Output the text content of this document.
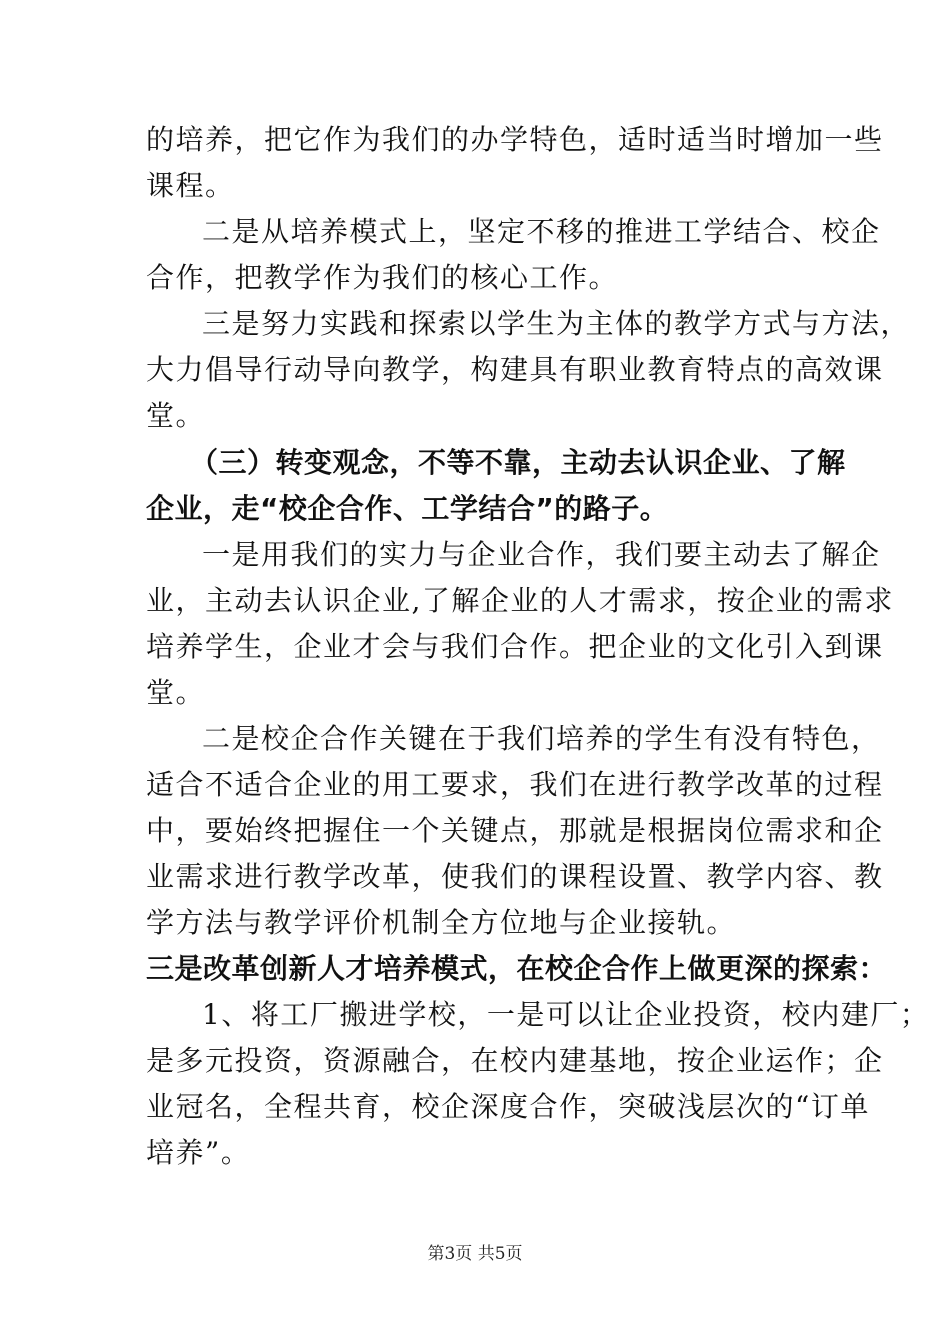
的培养，把它作为我们的办学特色，适时适当时增加一些
课程。
二是从培养模式上，坚定不移的推进工学结合、校企
合作，把教学作为我们的核心工作。
三是努力实践和探索以学生为主体的教学方式与方法，
大力倡导行动导向教学，构建具有职业教育特点的高效课
堂。
（三）转变观念，不等不靠，主动去认识企业、了解
企业，走“校企合作、工学结合”的路子。
一是用我们的实力与企业合作，我们要主动去了解企
业，主动去认识企业,了解企业的人才需求，按企业的需求
培养学生，企业才会与我们合作。把企业的文化引入到课
堂。
二是校企合作关键在于我们培养的学生有没有特色，
适合不适合企业的用工要求，我们在进行教学改革的过程
中，要始终把握住一个关键点，那就是根据岗位需求和企
业需求进行教学改革，使我们的课程设置、教学内容、教
学方法与教学评价机制全方位地与企业接轨。
三是改革创新人才培养模式，在校企合作上做更深的探索：
1、将工厂搬进学校，一是可以让企业投资，校内建厂；
是多元投资，资源融合，在校内建基地，按企业运作；企
业冠名，全程共育，校企深度合作，突破浅层次的“订单
培养”。
第3页 共5页
